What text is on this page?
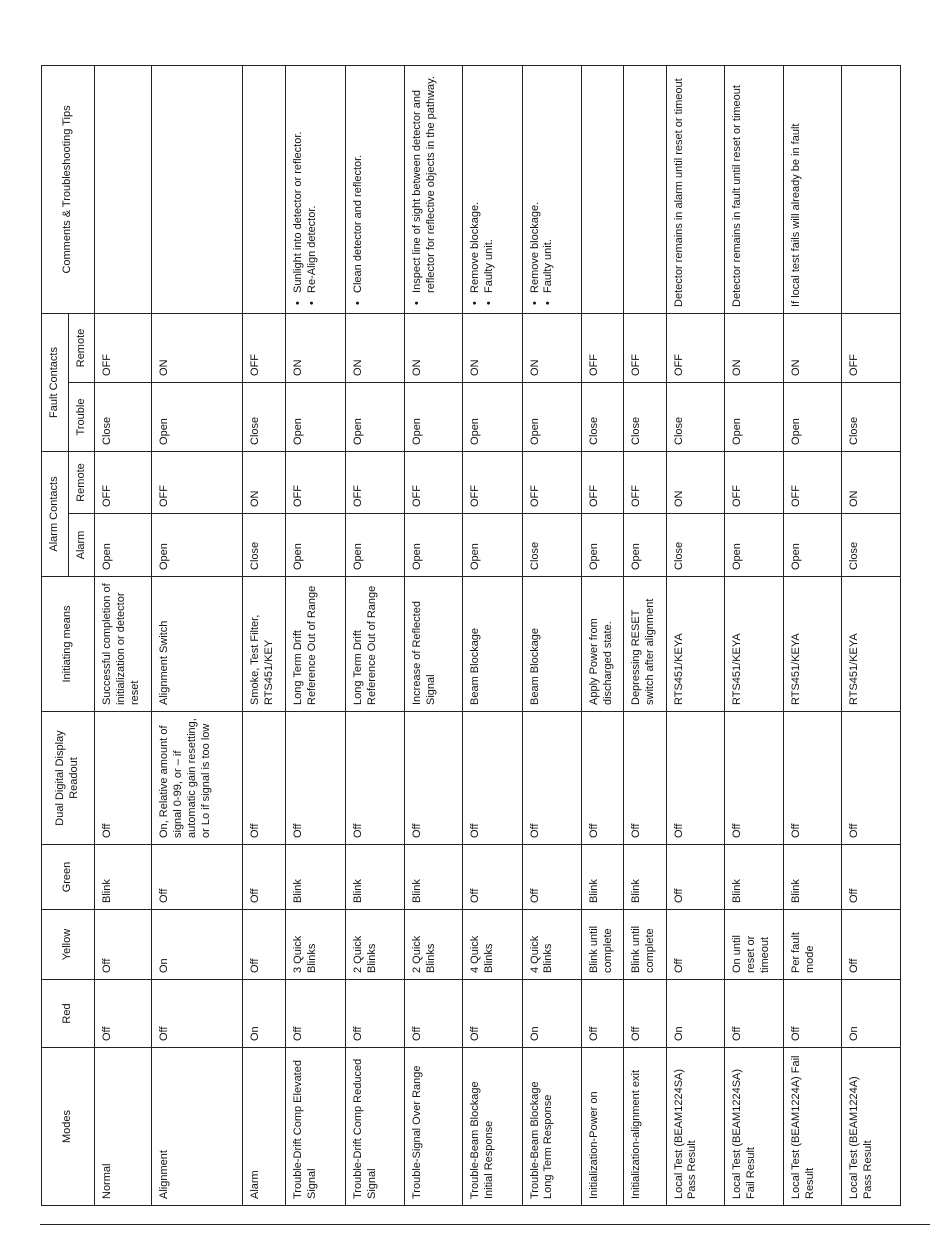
Modes	Red	Yellow	Green	Dual Digital Display Readout	Initiating means	Alarm Contacts		Fault Contacts		Comments & Troubleshooting Tips
						Alarm	Remote	Trouble	Remote	
Normal	Off	Off	Blink	Off	Successful completion of initialization or detector reset	Open	OFF	Close	OFF	
Alignment	Off	On	Off	On, Relative amount of signal 0-99, or – if automatic gain resetting, or Lo if signal is too low	Alignment Switch	Open	OFF	Open	ON	
Alarm	On	Off	Off	Off	Smoke, Test Filter, RTS451/KEY	Close	ON	Close	OFF	
Trouble-Drift Comp Elevated Signal	Off	3 Quick Blinks	Blink	Off	Long Term Drift Reference Out of Range	Open	OFF	Open	ON	• Sunlight into detector or reflector. • Re-Align detector.

Trouble-Drift Comp Reduced Signal	Off	2 Quick Blinks	Blink	Off	Long Term Drift Reference Out of Range	Open	OFF	Open	ON	• Clean detector and reflector.

Trouble-Signal Over Range	Off	2 Quick Blinks	Blink	Off	Increase of Reflected Signal	Open	OFF	Open	ON	• Inspect line of sight between detector and reflector for reflective objects in the pathway.

Trouble-Beam Blockage Initial Response	Off	4 Quick Blinks	Off	Off	Beam Blockage	Open	OFF	Open	ON	• Remove blockage. • Faulty unit.

Trouble-Beam Blockage Long Term Response	On	4 Quick Blinks	Off	Off	Beam Blockage	Close	OFF	Open	ON	• Remove blockage. • Faulty unit.

Initialization-Power on	Off	Blink until complete	Blink	Off	Apply Power from discharged state.	Open	OFF	Close	OFF	
Initialization-alignment exit	Off	Blink until complete	Blink	Off	Depressing RESET switch after alignment	Open	OFF	Close	OFF	
Local Test (BEAM1224SA) Pass Result	On	Off	Off	Off	RTS451/KEYA	Close	ON	Close	OFF	Detector remains in alarm until reset or timeout
Local Test (BEAM1224SA) Fail Result	Off	On until reset or timeout	Blink	Off	RTS451/KEYA	Open	OFF	Open	ON	Detector remains in fault until reset or timeout
Local Test (BEAM1224A) Fail Result	Off	Per fault mode	Blink	Off	RTS451/KEYA	Open	OFF	Open	ON	If local test fails will already be in fault
Local Test (BEAM1224A) Pass Result	On	Off	Off	Off	RTS451/KEYA	Close	ON	Close	OFF	
